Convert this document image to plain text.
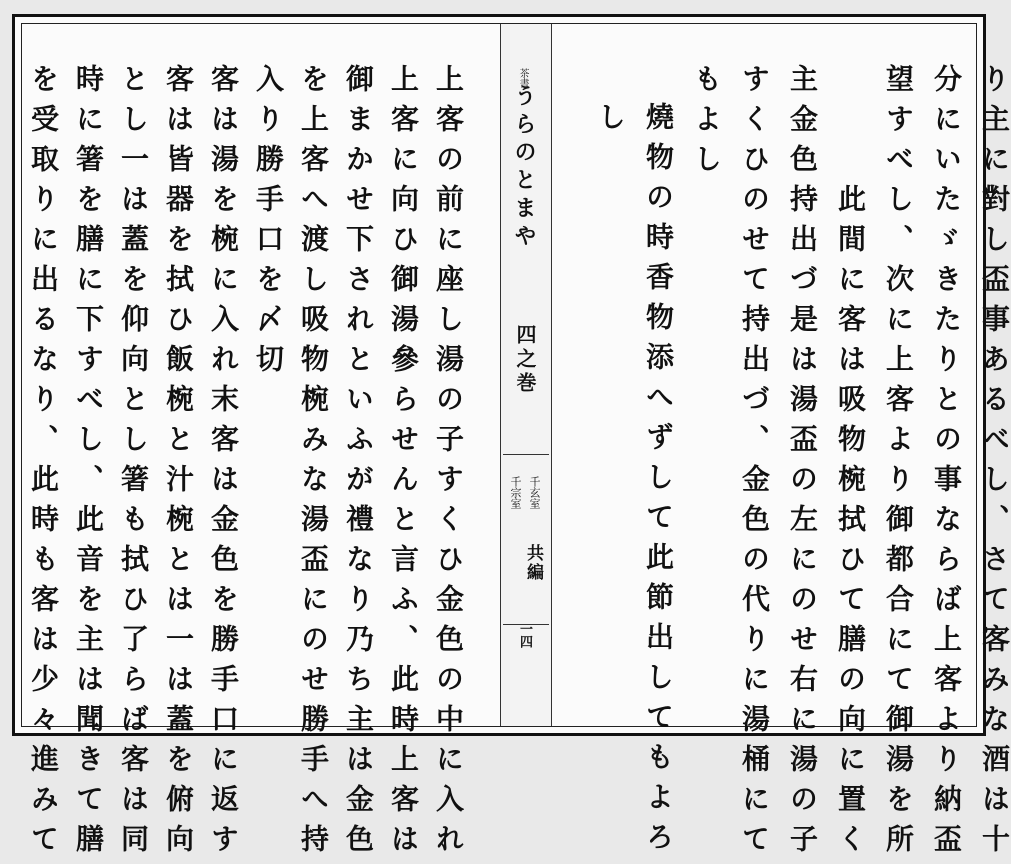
り主に對し盃事あるべし、さて客みな酒は十
分にいたゞきたりとの事ならば上客より納盃
望すべし、次に上客より御都合にて御湯を所
此間に客は吸物椀拭ひて膳の向に置く
主金色持出づ是は湯盃の左にのせ右に湯の子
すくひのせて持出づ、金色の代りに湯桶にて
もよし
燒物の時香物添へずして此節出してもよろ
し
茶書
うらのとまや
四之巻
千玄室
千宗室
共編
一四
上客の前に座し湯の子すくひ金色の中に入れ
上客に向ひ御湯參らせんと言ふ、此時上客は
御まかせ下されといふが禮なり乃ち主は金色
を上客へ渡し吸物椀みな湯盃にのせ勝手へ持
入り勝手口を〆切
客は湯を椀に入れ末客は金色を勝手口に返す
客は皆器を拭ひ飯椀と汁椀とは一は蓋を俯向
とし一は蓋を仰向とし箸も拭ひ了らば客は同
時に箸を膳に下すべし、此音を主は聞きて膳
を受取りに出るなり、此時も客は少々進みて
